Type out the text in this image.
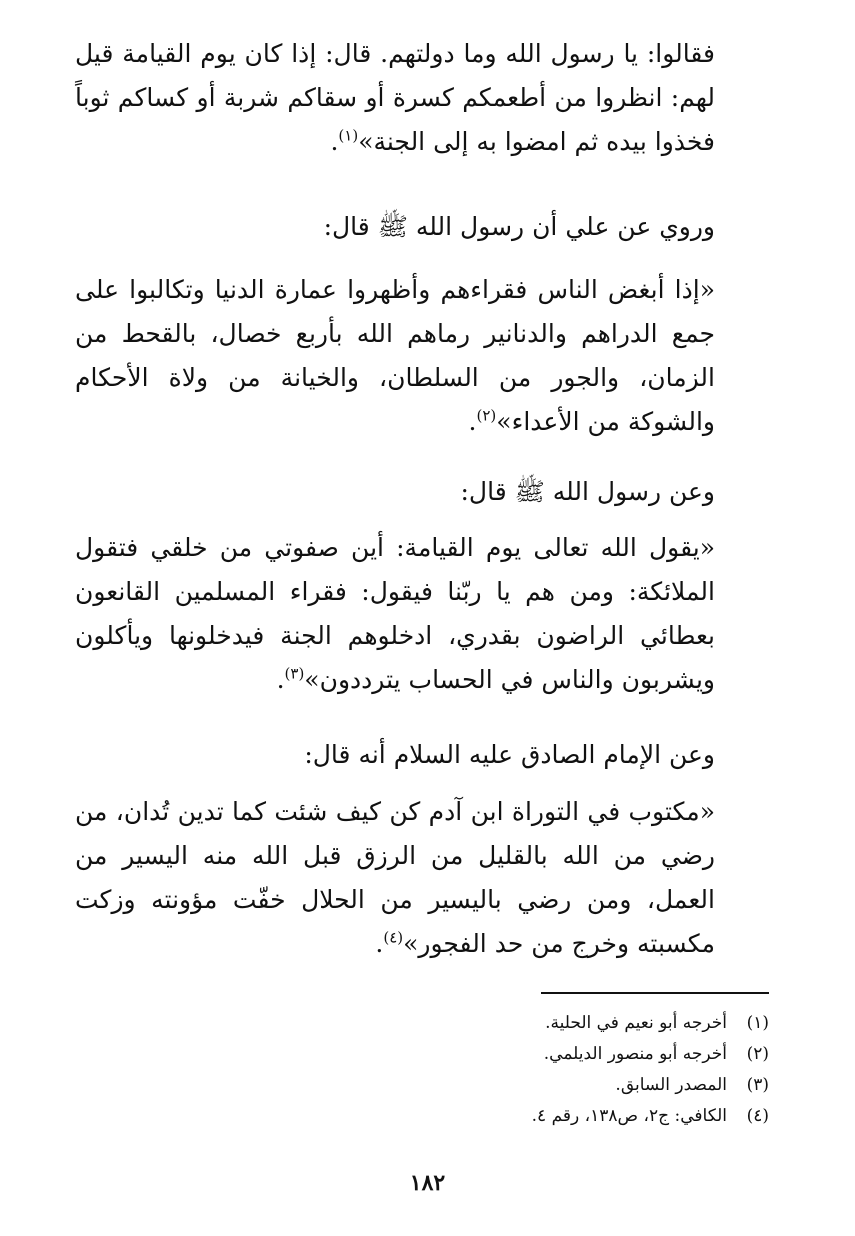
فقالوا: يا رسول الله وما دولتهم. قال: إذا كان يوم القيامة قيل لهم: انظروا من أطعمكم كسرة أو سقاكم شربة أو كساكم ثوباً فخذوا بيده ثم امضوا به إلى الجنة»$^{(١)}$.

وروي عن علي أن رسول الله ﷺ قال:

«إذا أبغض الناس فقراءهم وأظهروا عمارة الدنيا وتكالبوا على جمع الدراهم والدنانير رماهم الله بأربع خصال، بالقحط من الزمان، والجور من السلطان، والخيانة من ولاة الأحكام والشوكة من الأعداء»$^{(٢)}$.

وعن رسول الله ﷺ قال:

«يقول الله تعالى يوم القيامة: أين صفوتي من خلقي فتقول الملائكة: ومن هم يا ربّنا فيقول: فقراء المسلمين القانعون بعطائي الراضون بقدري، ادخلوهم الجنة فيدخلونها ويأكلون ويشربون والناس في الحساب يترددون»$^{(٣)}$.

وعن الإمام الصادق عليه السلام أنه قال:

«مكتوب في التوراة ابن آدم كن كيف شئت كما تدين تُدان، من رضي من الله بالقليل من الرزق قبل الله منه اليسير من العمل، ومن رضي باليسير من الحلال خفّت مؤونته وزكت مكسبته وخرج من حد الفجور»$^{(٤)}$.

(١)
أخرجه أبو نعيم في الحلية.
(٢)
أخرجه أبو منصور الديلمي.
(٣)
المصدر السابق.
(٤)
الكافي: ج٢، ص١٣٨، رقم ٤.
١٨٢
